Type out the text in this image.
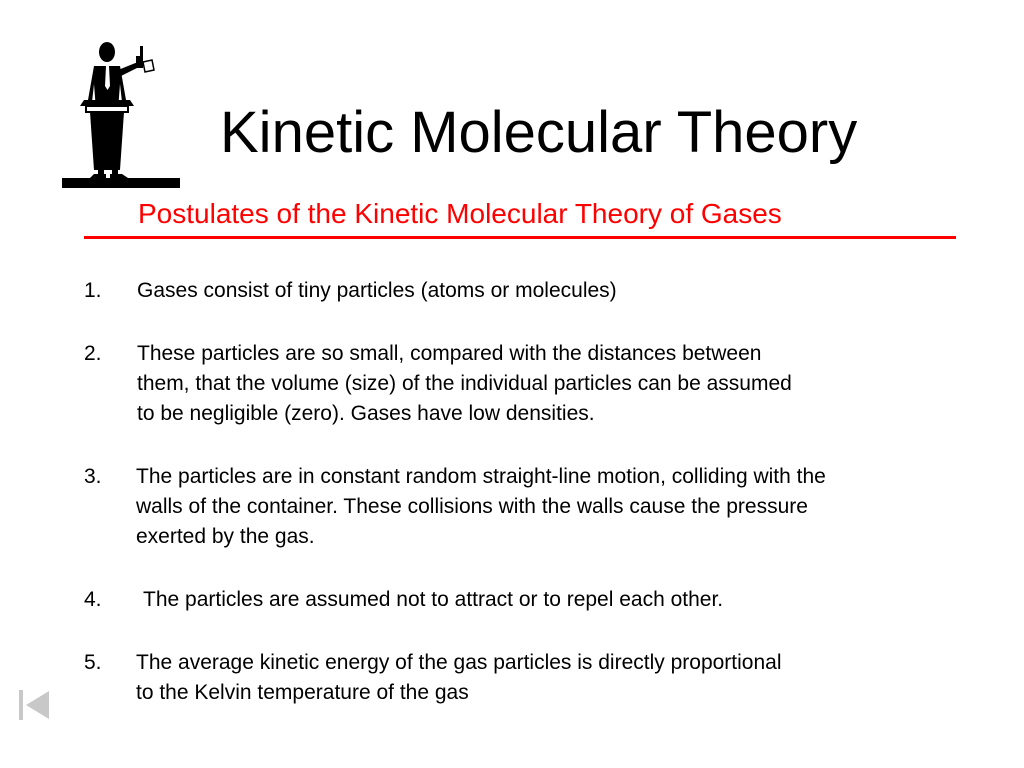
Kinetic Molecular Theory
Postulates of the Kinetic Molecular Theory of Gases
1. Gases consist of tiny particles (atoms or molecules)
2. These particles are so small, compared with the distances between
them, that the volume (size) of the individual particles can be assumed
to be negligible (zero). Gases have low densities.
3. The particles are in constant random straight-line motion, colliding with the
walls of the container. These collisions with the walls cause the pressure
exerted by the gas.
4. The particles are assumed not to attract or to repel each other.
5. The average kinetic energy of the gas particles is directly proportional
to the Kelvin temperature of the gas
